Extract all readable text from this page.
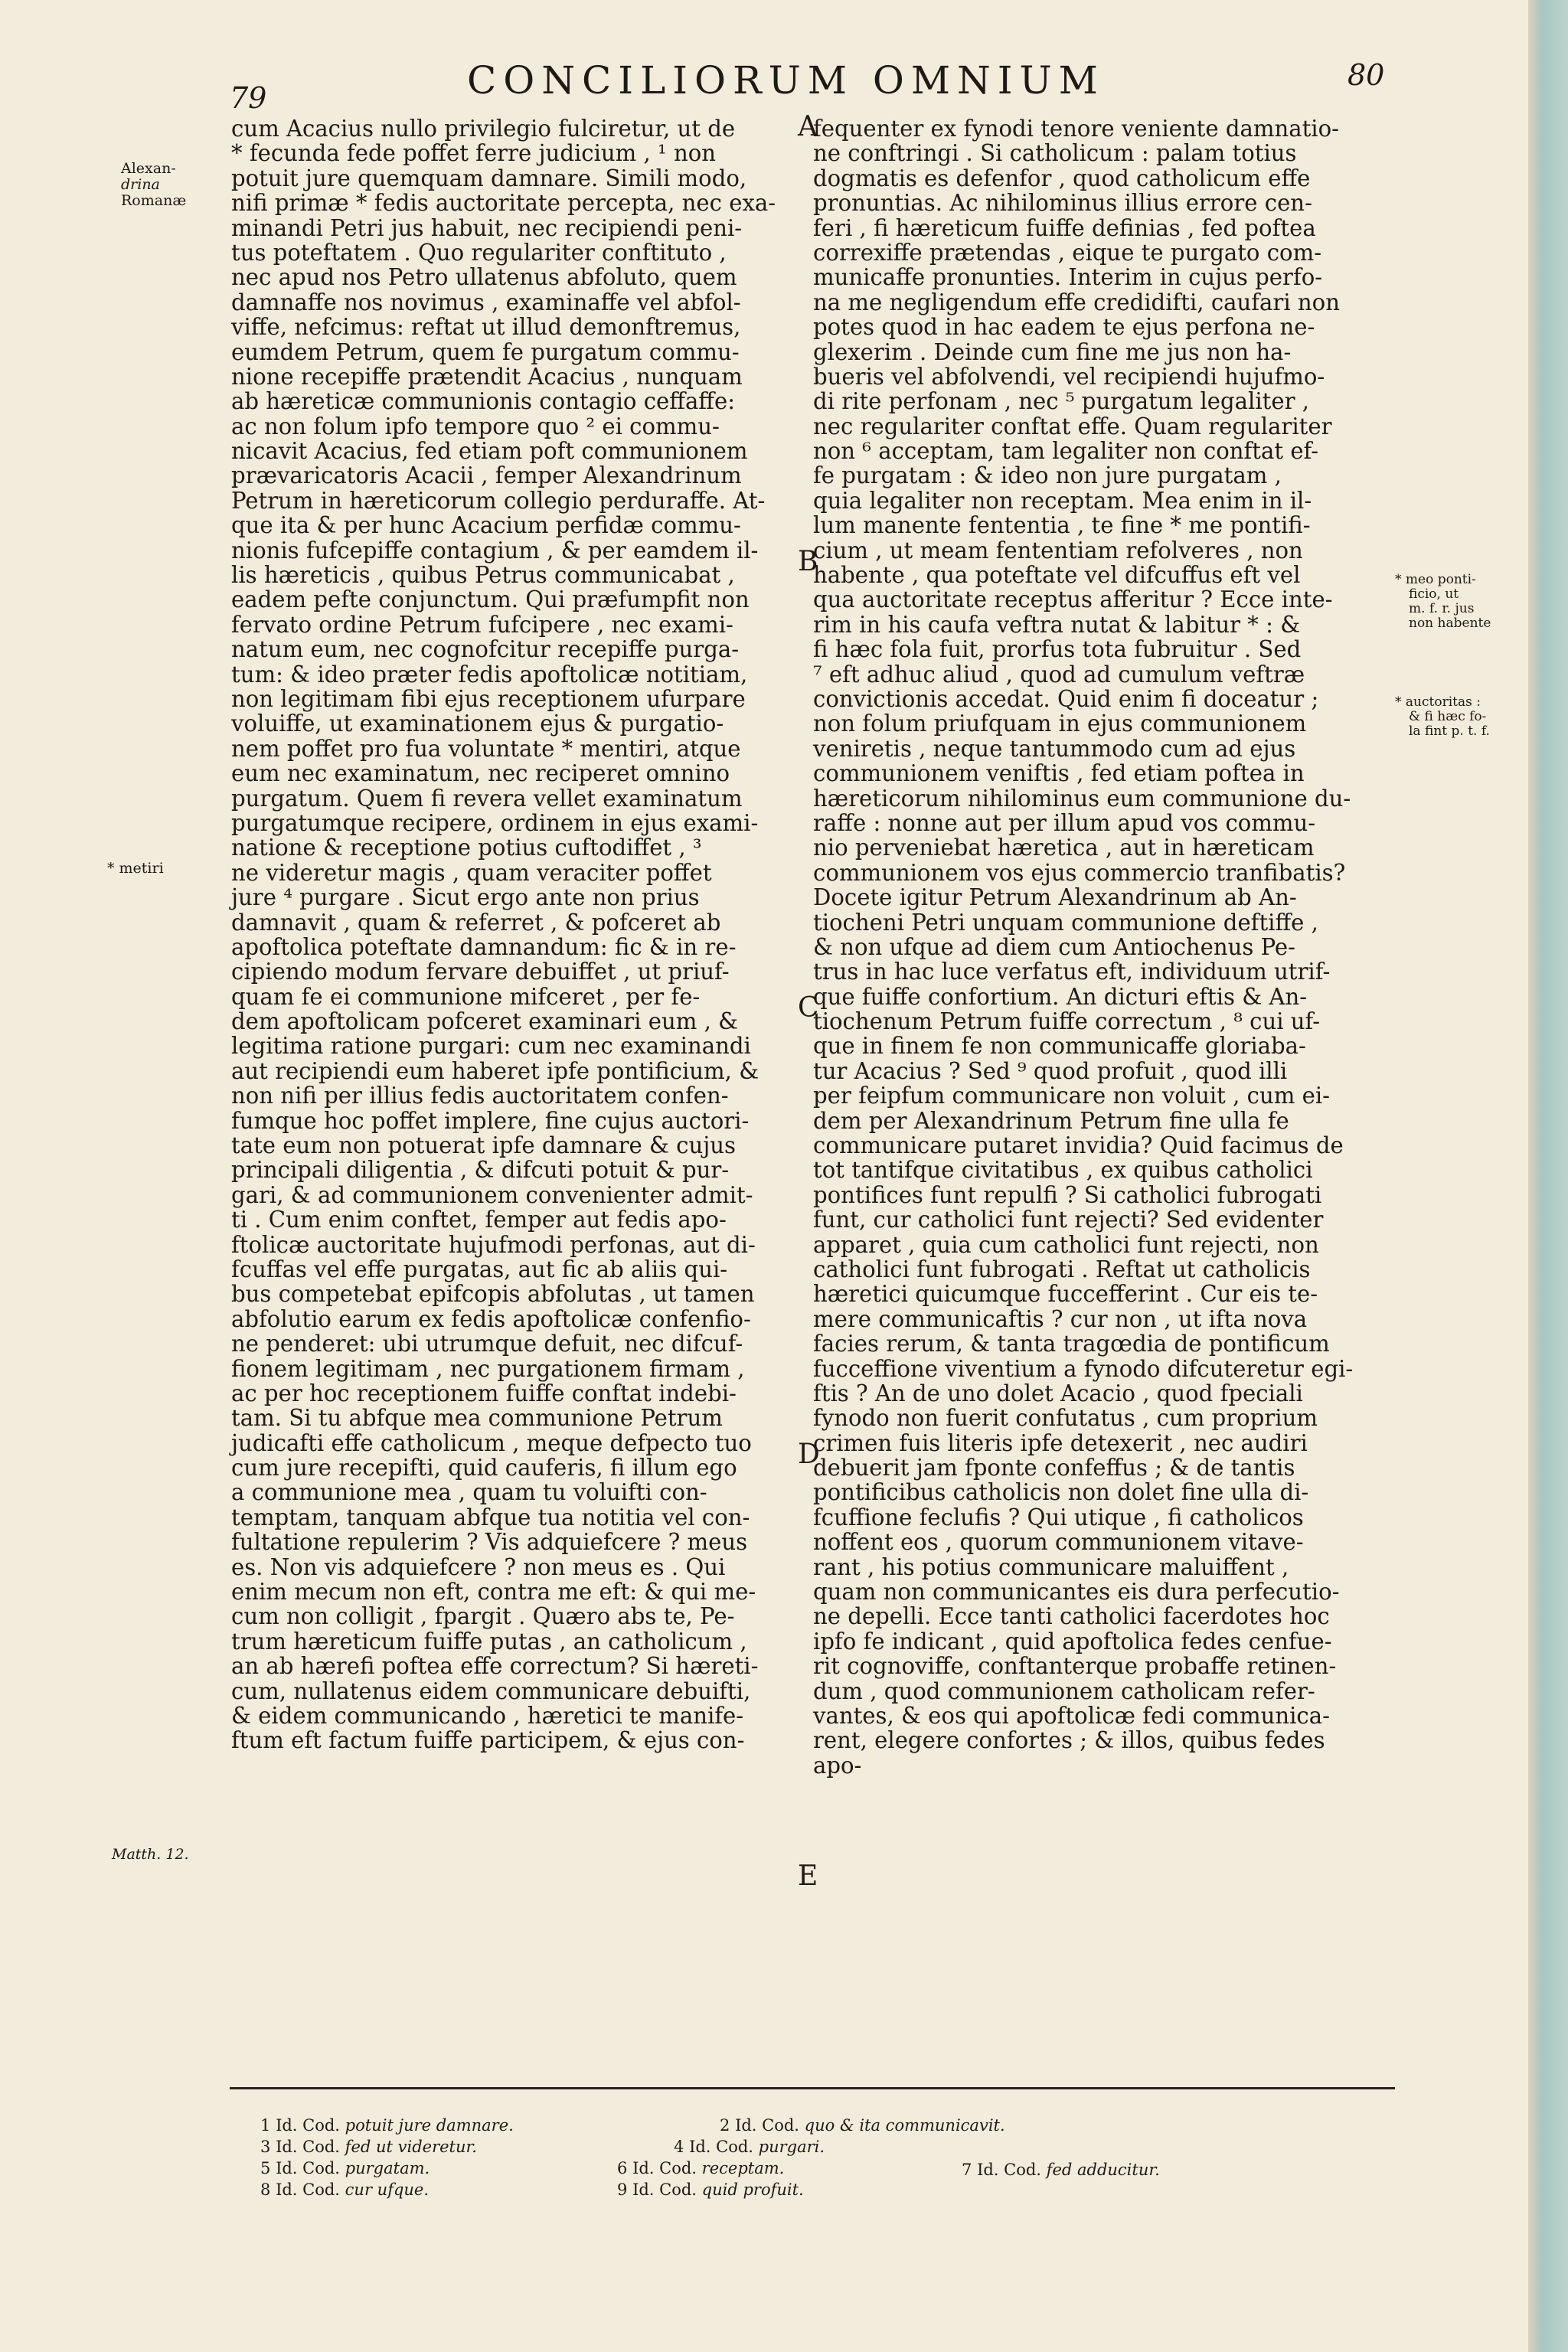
79	CONCILIORUM OMNIUM	80
cum Acacius nullo privilegio fulciretur, ut de
* fecunda fede poffet ferre judicium , ¹ non
potuit jure quemquam damnare. Simili modo,
nifi primæ * fedis auctoritate percepta, nec exa-
minandi Petri jus habuit, nec recipiendi peni-
tus poteftatem . Quo regulariter conftituto ,
nec apud nos Petro ullatenus abfoluto, quem
damnaffe nos novimus , examinaffe vel abfol-
viffe, nefcimus: reftat ut illud demonftremus,
eumdem Petrum, quem fe purgatum commu-
nione recepiffe prætendit Acacius , nunquam
ab hæreticæ communionis contagio ceffaffe:
ac non folum ipfo tempore quo ² ei commu-
nicavit Acacius, fed etiam poft communionem
prævaricatoris Acacii , femper Alexandrinum
Petrum in hæreticorum collegio perduraffe. At-
que ita & per hunc Acacium perfidæ commu-
nionis fufcepiffe contagium , & per eamdem il-
lis hæreticis , quibus Petrus communicabat ,
eadem pefte conjunctum. Qui præfumpfit non
fervato ordine Petrum fufcipere , nec exami-
natum eum, nec cognofcitur recepiffe purga-
tum: & ideo præter fedis apoftolicæ notitiam,
non legitimam fibi ejus receptionem ufurpare
voluiffe, ut examinationem ejus & purgatio-
nem poffet pro fua voluntate * mentiri, atque
eum nec examinatum, nec reciperet omnino
purgatum. Quem fi revera vellet examinatum
purgatumque recipere, ordinem in ejus exami-
natione & receptione potius cuftodiffet , ³
ne videretur magis , quam veraciter poffet
jure ⁴ purgare . Sicut ergo ante non prius
damnavit , quam & referret , & pofceret ab
apoftolica poteftate damnandum: fic & in re-
cipiendo modum fervare debuiffet , ut priuf-
quam fe ei communione mifceret , per fe-
dem apoftolicam pofceret examinari eum , &
legitima ratione purgari: cum nec examinandi
aut recipiendi eum haberet ipfe pontificium, &
non nifi per illius fedis auctoritatem confen-
fumque hoc poffet implere, fine cujus auctori-
tate eum non potuerat ipfe damnare & cujus
principali diligentia , & difcuti potuit & pur-
gari, & ad communionem convenienter admit-
ti . Cum enim conftet, femper aut fedis apo-
ftolicæ auctoritate hujufmodi perfonas, aut di-
fcuffas vel effe purgatas, aut fic ab aliis qui-
bus competebat epifcopis abfolutas , ut tamen
abfolutio earum ex fedis apoftolicæ confenfio-
ne penderet: ubi utrumque defuit, nec difcuf-
fionem legitimam , nec purgationem firmam ,
ac per hoc receptionem fuiffe conftat indebi-
tam. Si tu abfque mea communione Petrum
judicafti effe catholicum , meque defpecto tuo
cum jure recepifti, quid cauferis, fi illum ego
a communione mea , quam tu voluifti con-
temptam, tanquam abfque tua notitia vel con-
fultatione repulerim ? Vis adquiefcere ? meus
es. Non vis adquiefcere ? non meus es . Qui
enim mecum non eft, contra me eft: & qui me-
cum non colligit , fpargit . Quæro abs te, Pe-
trum hæreticum fuiffe putas , an catholicum ,
an ab hærefi poftea effe correctum? Si hæreti-
cum, nullatenus eidem communicare debuifti,
& eidem communicando , hæretici te manife-
ftum eft factum fuiffe participem, & ejus con-
fequenter ex fynodi tenore veniente damnatio-
ne conftringi . Si catholicum : palam totius
dogmatis es defenfor , quod catholicum effe
pronuntias. Ac nihilominus illius errore cen-
feri , fi hæreticum fuiffe definias , fed poftea
correxiffe prætendas , eique te purgato com-
municaffe pronunties. Interim in cujus perfo-
na me negligendum effe credidifti, caufari non
potes quod in hac eadem te ejus perfona ne-
glexerim . Deinde cum fine me jus non ha-
bueris vel abfolvendi, vel recipiendi hujufmo-
di rite perfonam , nec ⁵ purgatum legaliter ,
nec regulariter conftat effe. Quam regulariter
non ⁶ acceptam, tam legaliter non conftat ef-
fe purgatam : & ideo non jure purgatam ,
quia legaliter non receptam. Mea enim in il-
lum manente fententia , te fine * me pontifi-
cium , ut meam fententiam refolveres , non
habente , qua poteftate vel difcuffus eft vel
qua auctoritate receptus afferitur ? Ecce inte-
rim in his caufa veftra nutat & labitur * : &
fi hæc fola fuit, prorfus tota fubruitur . Sed
⁷ eft adhuc aliud , quod ad cumulum veftræ
convictionis accedat. Quid enim fi doceatur ;
non folum priufquam in ejus communionem
veniretis , neque tantummodo cum ad ejus
communionem veniftis , fed etiam poftea in
hæreticorum nihilominus eum communione du-
raffe : nonne aut per illum apud vos commu-
nio perveniebat hæretica , aut in hæreticam
communionem vos ejus commercio tranfibatis?
Docete igitur Petrum Alexandrinum ab An-
tiocheni Petri unquam communione deftiffe ,
& non ufque ad diem cum Antiochenus Pe-
trus in hac luce verfatus eft, individuum utrif-
que fuiffe confortium. An dicturi eftis & An-
tiochenum Petrum fuiffe correctum , ⁸ cui uf-
que in finem fe non communicaffe gloriaba-
tur Acacius ? Sed ⁹ quod profuit , quod illi
per feipfum communicare non voluit , cum ei-
dem per Alexandrinum Petrum fine ulla fe
communicare putaret invidia? Quid facimus de
tot tantifque civitatibus , ex quibus catholici
pontifices funt repulfi ? Si catholici fubrogati
funt, cur catholici funt rejecti? Sed evidenter
apparet , quia cum catholici funt rejecti, non
catholici funt fubrogati . Reftat ut catholicis
hæretici quicumque fuccefferint . Cur eis te-
mere communicaftis ? cur non , ut ifta nova
facies rerum, & tanta tragœdia de pontificum
fucceffione viventium a fynodo difcuteretur egi-
ftis ? An de uno dolet Acacio , quod fpeciali
fynodo non fuerit confutatus , cum proprium
crimen fuis literis ipfe detexerit , nec audiri
debuerit jam fponte confeffus ; & de tantis
pontificibus catholicis non dolet fine ulla di-
fcuffione feclufis ? Qui utique , fi catholicos
noffent eos , quorum communionem vitave-
rant , his potius communicare maluiffent ,
quam non communicantes eis dura perfecutio-
ne depelli. Ecce tanti catholici facerdotes hoc
ipfo fe indicant , quid apoftolica fedes cenfue-
rit cognoviffe, conftanterque probaffe retinen-
dum , quod communionem catholicam refer-
vantes, & eos qui apoftolicæ fedi communica-
rent, elegere confortes ; & illos, quibus fedes
apo-
A
B
C
D
E
Alexan-
drina
Romanæ
* metiri
Matth. 12.
* meo ponti-
ficio, ut
m. f. r. jus
non habente
* auctoritas :
& fi hæc fo-
la fint p. t. f.
1 Id. Cod. potuit jure damnare.	2 Id. Cod. quo & ita communicavit.
3 Id. Cod. fed ut videretur.	4 Id. Cod. purgari.
5 Id. Cod. purgatam.	6 Id. Cod. receptam.	7 Id. Cod. fed adducitur.
8 Id. Cod. cur ufque.	9 Id. Cod. quid profuit.
